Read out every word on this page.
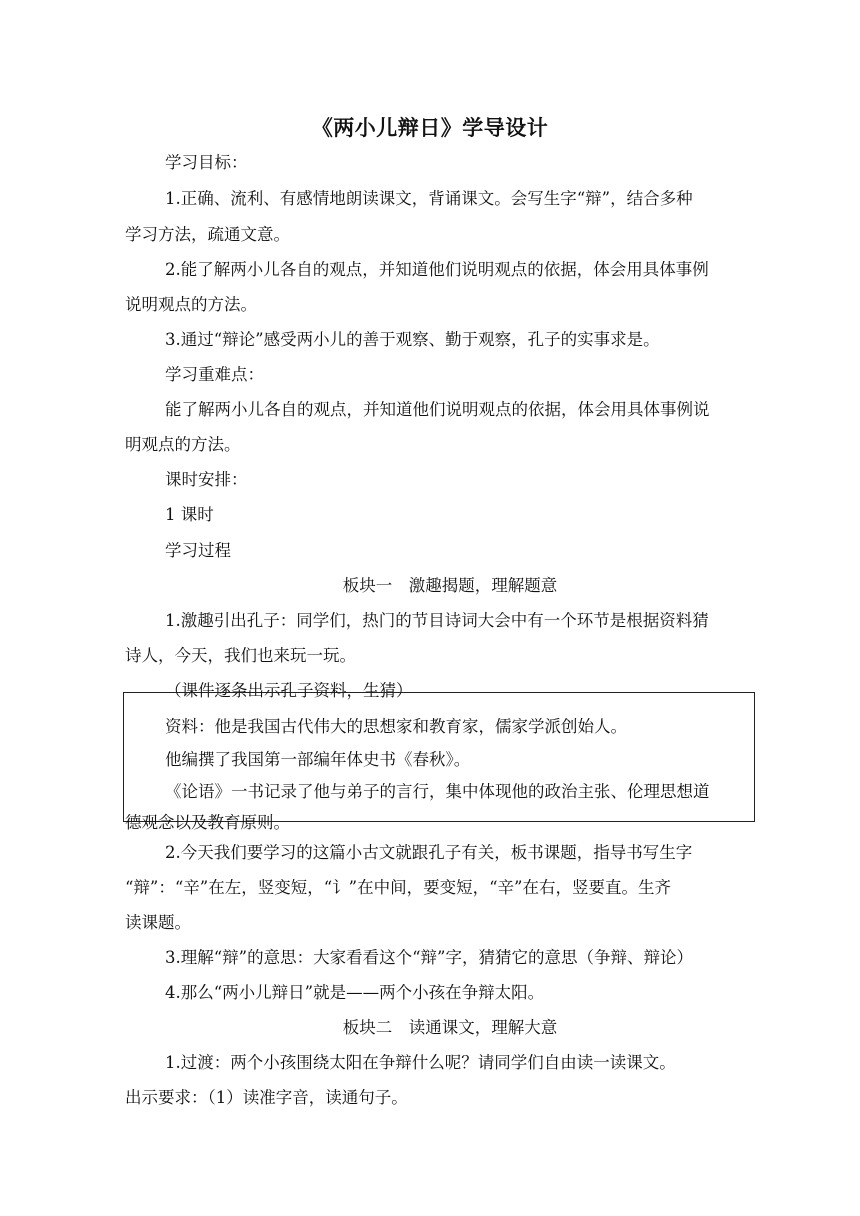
《两小儿辩日》学导设计
学习目标：
1.正确、流利、有感情地朗读课文，背诵课文。会写生字“辩”，结合多种
学习方法，疏通文意。
2.能了解两小儿各自的观点，并知道他们说明观点的依据，体会用具体事例
说明观点的方法。
3.通过“辩论”感受两小儿的善于观察、勤于观察，孔子的实事求是。
学习重难点：
能了解两小儿各自的观点，并知道他们说明观点的依据，体会用具体事例说
明观点的方法。
课时安排：
1 课时
学习过程
板块一　激趣揭题，理解题意
1.激趣引出孔子：同学们，热门的节目诗词大会中有一个环节是根据资料猜
诗人，今天，我们也来玩一玩。
（课件逐条出示孔子资料，生猜）
资料：他是我国古代伟大的思想家和教育家，儒家学派创始人。
他编撰了我国第一部编年体史书《春秋》。
《论语》一书记录了他与弟子的言行，集中体现他的政治主张、伦理思想道
德观念以及教育原则。
2.今天我们要学习的这篇小古文就跟孔子有关，板书课题，指导书写生字
“辩”：“辛”在左，竖变短，“讠”在中间，要变短，“辛”在右，竖要直。生齐
读课题。
3.理解“辩”的意思：大家看看这个“辩”字，猜猜它的意思（争辩、辩论）
4.那么“两小儿辩日”就是——两个小孩在争辩太阳。
板块二　读通课文，理解大意
1.过渡：两个小孩围绕太阳在争辩什么呢？请同学们自由读一读课文。
出示要求：（1）读准字音，读通句子。
